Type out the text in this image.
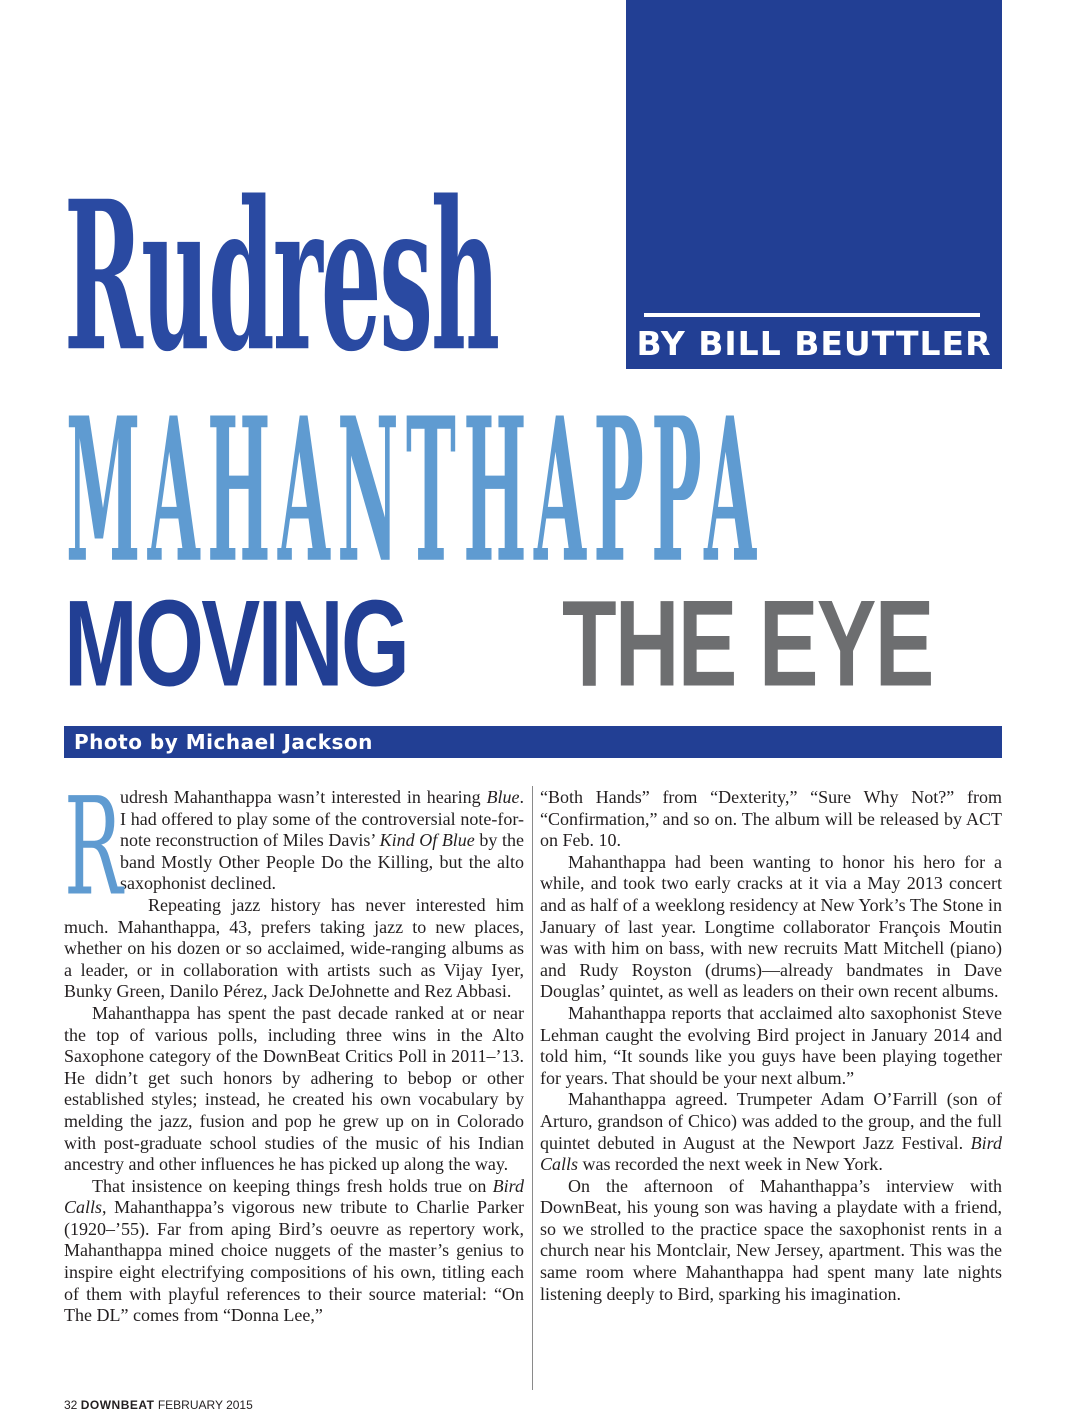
BY BILL BEUTTLER
Rudresh
MAHANTHAPPA
MOVING THE EYE
Photo by Michael Jackson

R
udresh Mahanthappa wasn’t interested in hearing Blue. I had offered to play some of the controversial note-for-note reconstruction of Miles Davis’ Kind Of Blue by the band Mostly Other People Do the Killing, but the alto saxophonist declined.

Repeating jazz history has never interested him much. Mahanthappa, 43, prefers taking jazz to new places, whether on his dozen or so acclaimed, wide-ranging albums as a leader, or in collaboration with artists such as Vijay Iyer, Bunky Green, Danilo Pérez, Jack DeJohnette and Rez Abbasi.

Mahanthappa has spent the past decade ranked at or near the top of various polls, including three wins in the Alto Saxophone category of the DownBeat Critics Poll in 2011–’13. He didn’t get such honors by adhering to bebop or other established styles; instead, he created his own vocabulary by melding the jazz, fusion and pop he grew up on in Colorado with post-graduate school studies of the music of his Indian ancestry and other influences he has picked up along the way.

That insistence on keeping things fresh holds true on Bird Calls, Mahanthappa’s vigorous new tribute to Charlie Parker (1920–’55). Far from aping Bird’s oeuvre as repertory work, Mahanthappa mined choice nuggets of the master’s genius to inspire eight electrifying compositions of his own, titling each of them with playful references to their source material: “On The DL” comes from “Donna Lee,”

“Both Hands” from “Dexterity,” “Sure Why Not?” from “Confirmation,” and so on. The album will be released by ACT on Feb. 10.

Mahanthappa had been wanting to honor his hero for a while, and took two early cracks at it via a May 2013 concert and as half of a weeklong residency at New York’s The Stone in January of last year. Longtime collaborator François Moutin was with him on bass, with new recruits Matt Mitchell (piano) and Rudy Royston (drums)—already bandmates in Dave Douglas’ quintet, as well as leaders on their own recent albums.

Mahanthappa reports that acclaimed alto saxophonist Steve Lehman caught the evolving Bird project in January 2014 and told him, “It sounds like you guys have been playing together for years. That should be your next album.”

Mahanthappa agreed. Trumpeter Adam O’Farrill (son of Arturo, grandson of Chico) was added to the group, and the full quintet debuted in August at the Newport Jazz Festival. Bird Calls was recorded the next week in New York.

On the afternoon of Mahanthappa’s interview with DownBeat, his young son was having a playdate with a friend, so we strolled to the practice space the saxophonist rents in a church near his Montclair, New Jersey, apartment. This was the same room where Mahanthappa had spent many late nights listening deeply to Bird, sparking his imagination.

32 DOWNBEAT FEBRUARY 2015
